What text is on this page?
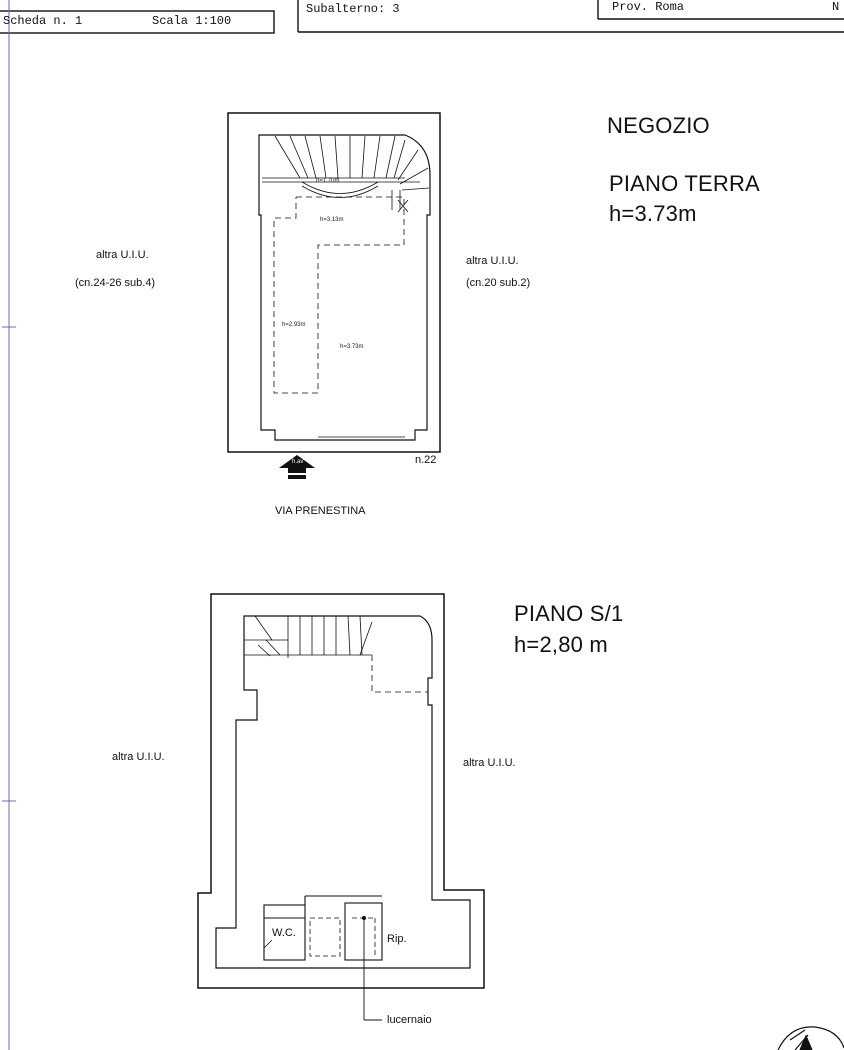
Scheda n. 1	Scala 1:100
Subalterno: 3	Prov. Roma	N
NEGOZIO
PIANO TERRA
h=3.73m
altra U.I.U.
(cn.24-26 sub.4)
altra U.I.U.
(cn.20 sub.2)
n.22
VIA PRENESTINA
h=1.70m
h=3.13m
h=2.93m
h=3.73m
h.av
PIANO S/1
h=2,80 m
altra U.I.U.	altra U.I.U.
W.C.	Rip.
lucernaio
